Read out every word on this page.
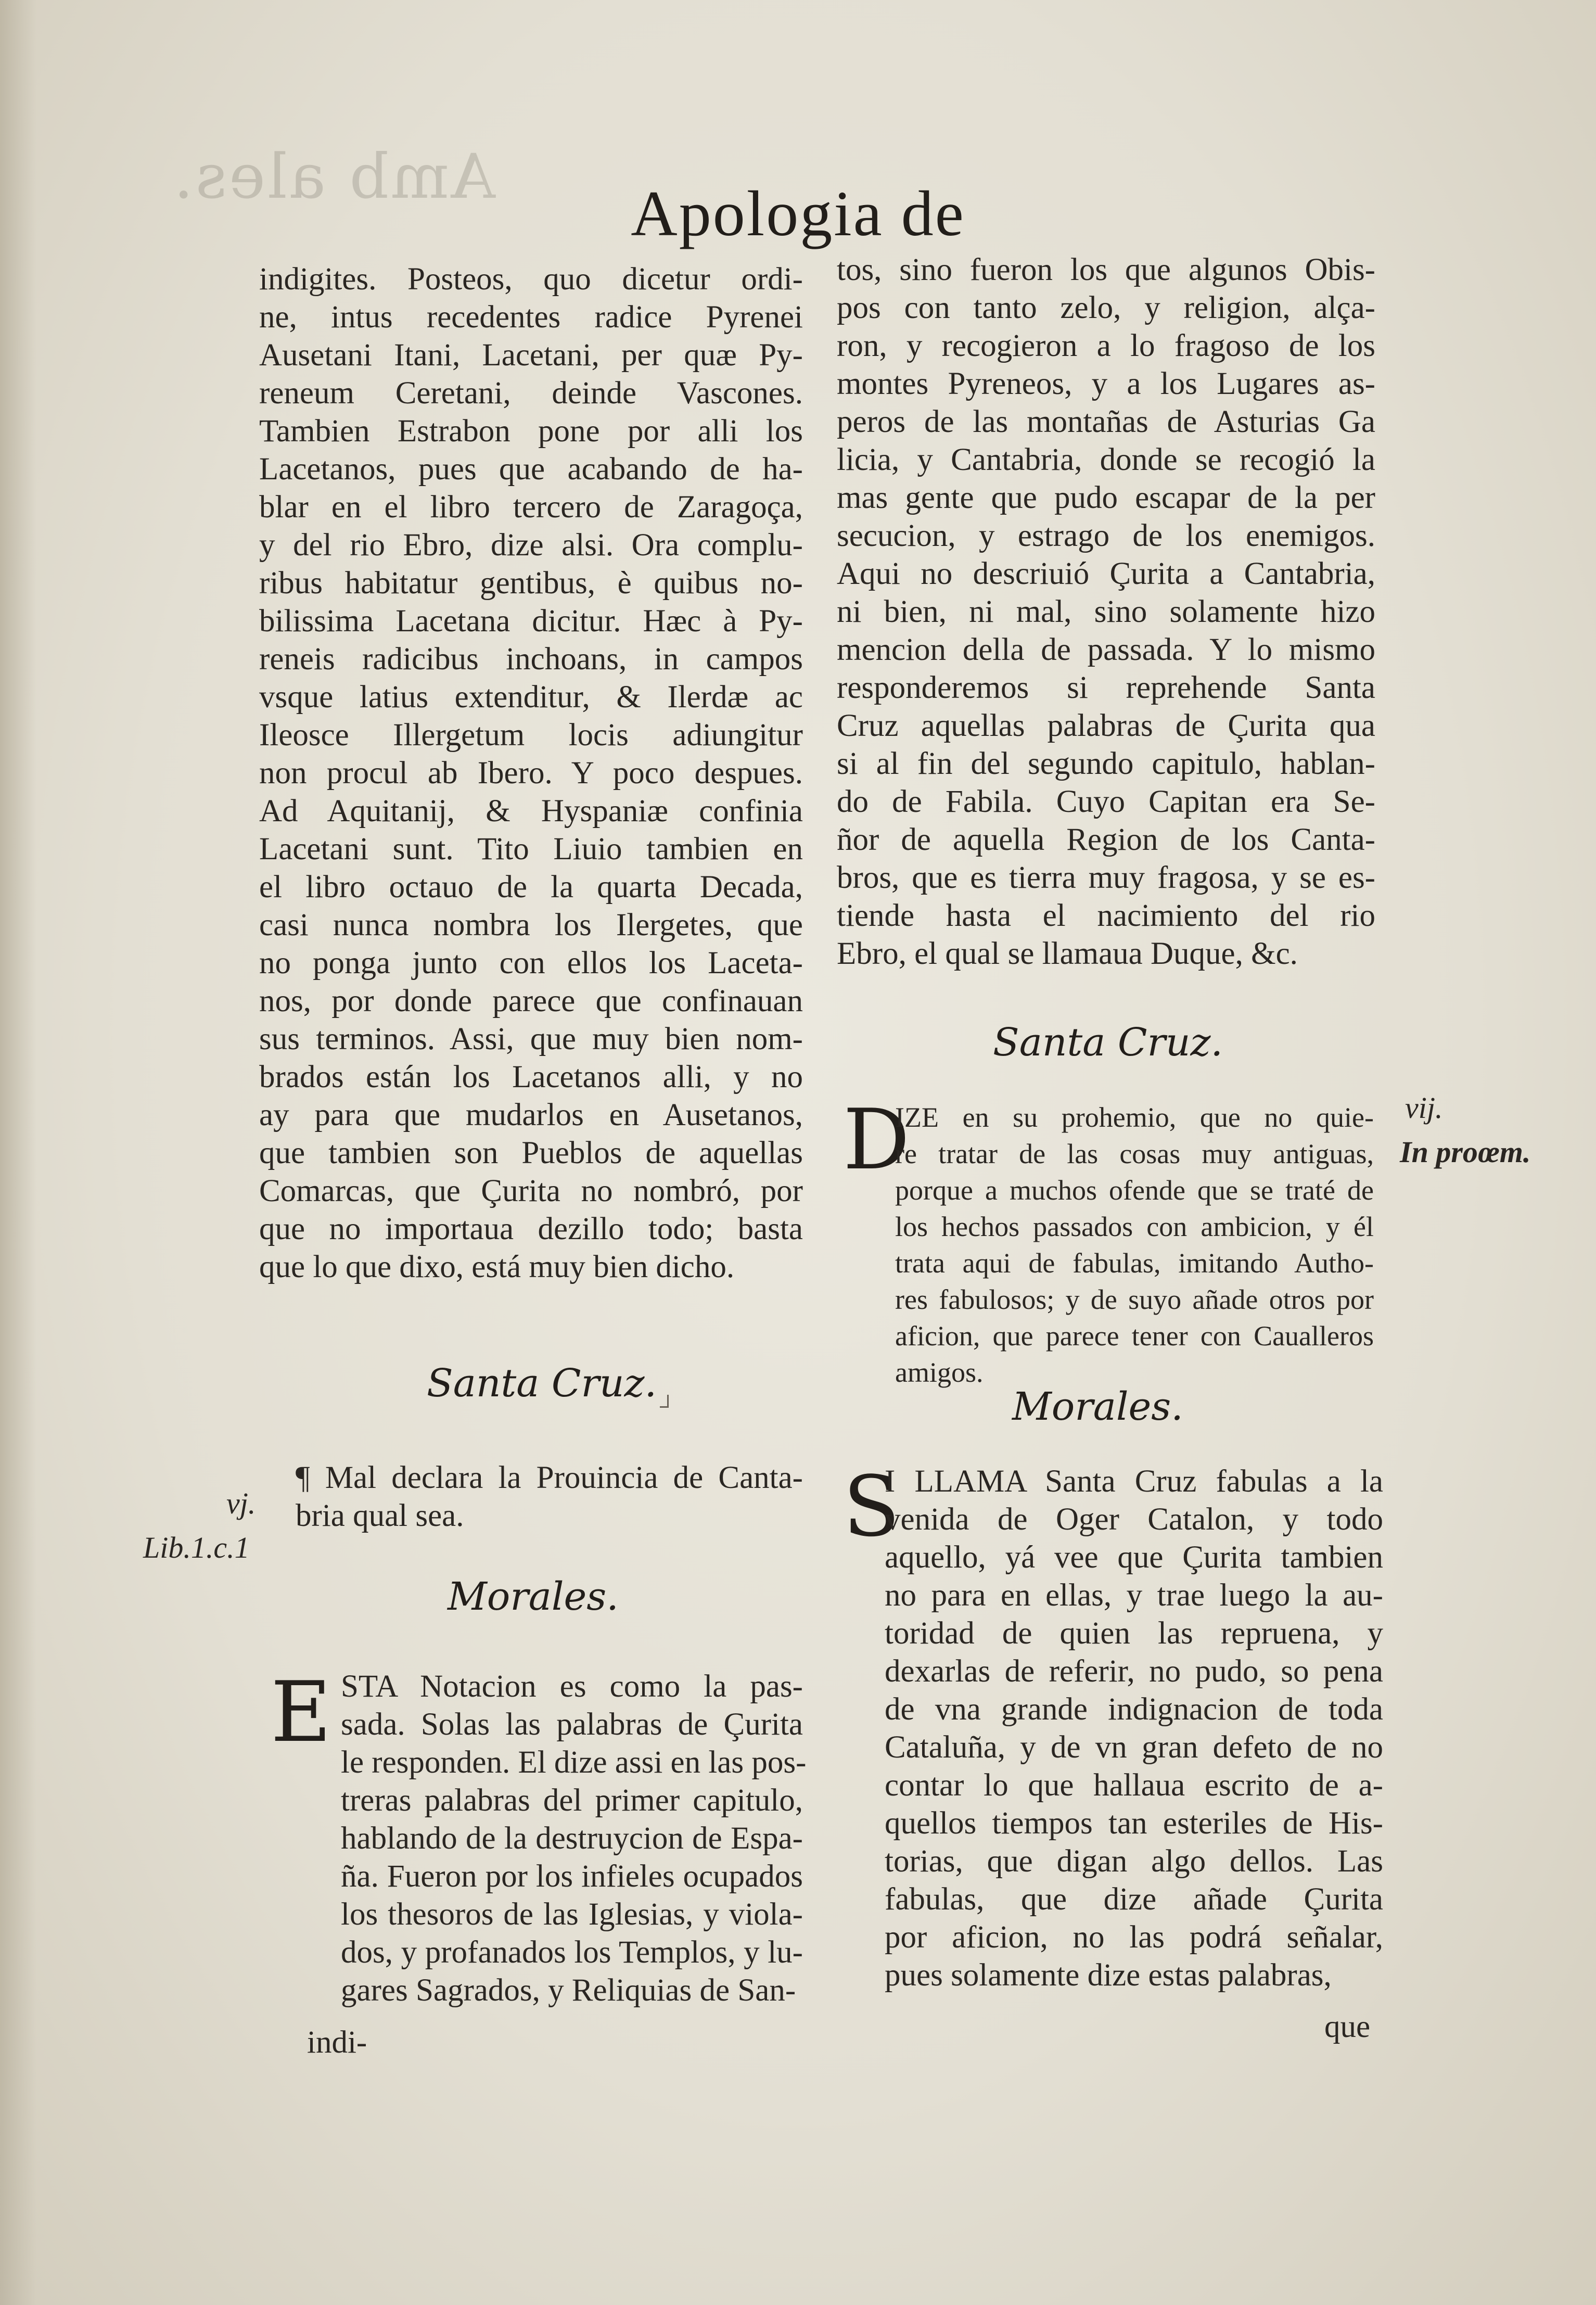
Amb ales.
Apologia de
indigites. Posteos, quo dicetur ordi-
ne, intus recedentes radice Pyrenei
Ausetani Itani, Lacetani, per quæ Py-
reneum Ceretani, deinde Vascones.
Tambien Estrabon pone por alli los
Lacetanos, pues que acabando de ha-
blar en el libro tercero de Zaragoça,
y del rio Ebro, dize alsi. Ora complu-
ribus habitatur gentibus, è quibus no-
bilissima Lacetana dicitur. Hæc à Py-
reneis radicibus inchoans, in campos
vsque latius extenditur, & Ilerdæ ac
Ileosce Illergetum locis adiungitur
non procul ab Ibero. Y poco despues.
Ad Aquitanij, & Hyspaniæ confinia
Lacetani sunt. Tito Liuio tambien en
el libro octauo de la quarta Decada,
casi nunca nombra los Ilergetes, que
no ponga junto con ellos los Laceta-
nos, por donde parece que confinauan
sus terminos. Assi, que muy bien nom-
brados están los Lacetanos alli, y no
ay para que mudarlos en Ausetanos,
que tambien son Pueblos de aquellas
Comarcas, que Çurita no nombró, por
que no importaua dezillo todo; basta
que lo que dixo, está muy bien dicho.
Santa Cruz.
¶ Mal declara la Prouincia de Canta-
bria qual sea.
Morales.
E STA Notacion es como la pas-
sada. Solas las palabras de Çurita
le responden. El dize assi en las pos-
treras palabras del primer capitulo,
hablando de la destruycion de Espa-
ña. Fueron por los infieles ocupados
los thesoros de las Iglesias, y viola-
dos, y profanados los Templos, y lu-
gares Sagrados, y Reliquias de San-
indi-
tos, sino fueron los que algunos Obis-
pos con tanto zelo, y religion, alça-
ron, y recogieron a lo fragoso de los
montes Pyreneos, y a los Lugares as-
peros de las montañas de Asturias Ga
licia, y Cantabria, donde se recogió la
mas gente que pudo escapar de la per
secucion, y estrago de los enemigos.
Aqui no descriuió Çurita a Cantabria,
ni bien, ni mal, sino solamente hizo
mencion della de passada. Y lo mismo
responderemos si reprehende Santa
Cruz aquellas palabras de Çurita qua
si al fin del segundo capitulo, hablan-
do de Fabila. Cuyo Capitan era Se-
ñor de aquella Region de los Canta-
bros, que es tierra muy fragosa, y se es-
tiende hasta el nacimiento del rio
Ebro, el qual se llamaua Duque, &c.
Santa Cruz.
D
IZE en su prohemio, que no quie-
re tratar de las cosas muy antiguas,
porque a muchos ofende que se traté de
los hechos passados con ambicion, y él
trata aqui de fabulas, imitando Autho-
res fabulosos; y de suyo añade otros por
aficion, que parece tener con Caualleros
amigos.
Morales.
S
I LLAMA Santa Cruz fabulas a la
venida de Oger Catalon, y todo
aquello, yá vee que Çurita tambien
no para en ellas, y trae luego la au-
toridad de quien las repruena, y
dexarlas de referir, no pudo, so pena
de vna grande indignacion de toda
Cataluña, y de vn gran defeto de no
contar lo que hallaua escrito de a-
quellos tiempos tan esteriles de His-
torias, que digan algo dellos. Las
fabulas, que dize añade Çurita
por aficion, no las podrá señalar,
pues solamente dize estas palabras,
que
vj.
Lib.1.c.1
vij.
In proœm.
